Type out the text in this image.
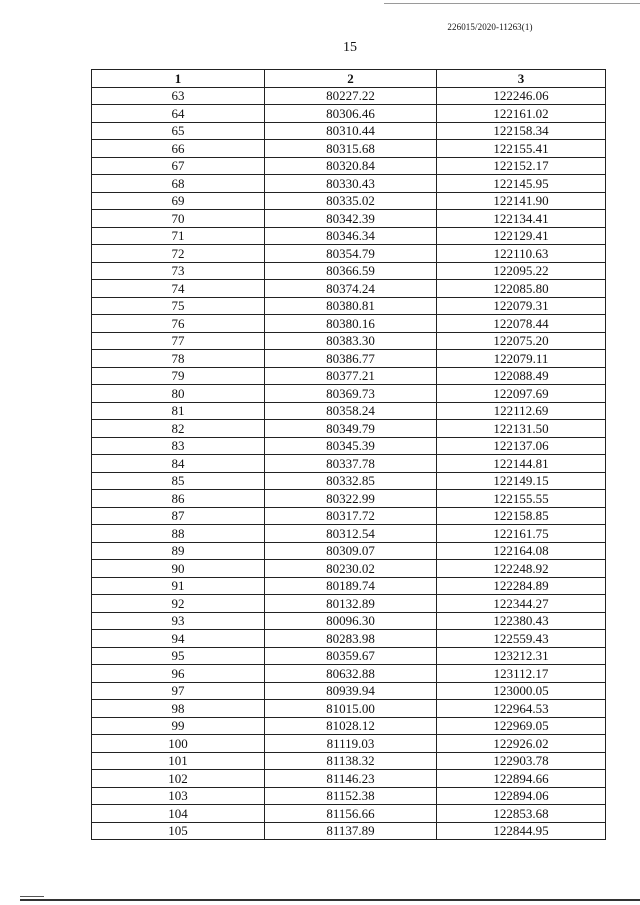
226015/2020-11263(1)
15
1	2	3
63	80227.22	122246.06
64	80306.46	122161.02
65	80310.44	122158.34
66	80315.68	122155.41
67	80320.84	122152.17
68	80330.43	122145.95
69	80335.02	122141.90
70	80342.39	122134.41
71	80346.34	122129.41
72	80354.79	122110.63
73	80366.59	122095.22
74	80374.24	122085.80
75	80380.81	122079.31
76	80380.16	122078.44
77	80383.30	122075.20
78	80386.77	122079.11
79	80377.21	122088.49
80	80369.73	122097.69
81	80358.24	122112.69
82	80349.79	122131.50
83	80345.39	122137.06
84	80337.78	122144.81
85	80332.85	122149.15
86	80322.99	122155.55
87	80317.72	122158.85
88	80312.54	122161.75
89	80309.07	122164.08
90	80230.02	122248.92
91	80189.74	122284.89
92	80132.89	122344.27
93	80096.30	122380.43
94	80283.98	122559.43
95	80359.67	123212.31
96	80632.88	123112.17
97	80939.94	123000.05
98	81015.00	122964.53
99	81028.12	122969.05
100	81119.03	122926.02
101	81138.32	122903.78
102	81146.23	122894.66
103	81152.38	122894.06
104	81156.66	122853.68
105	81137.89	122844.95
